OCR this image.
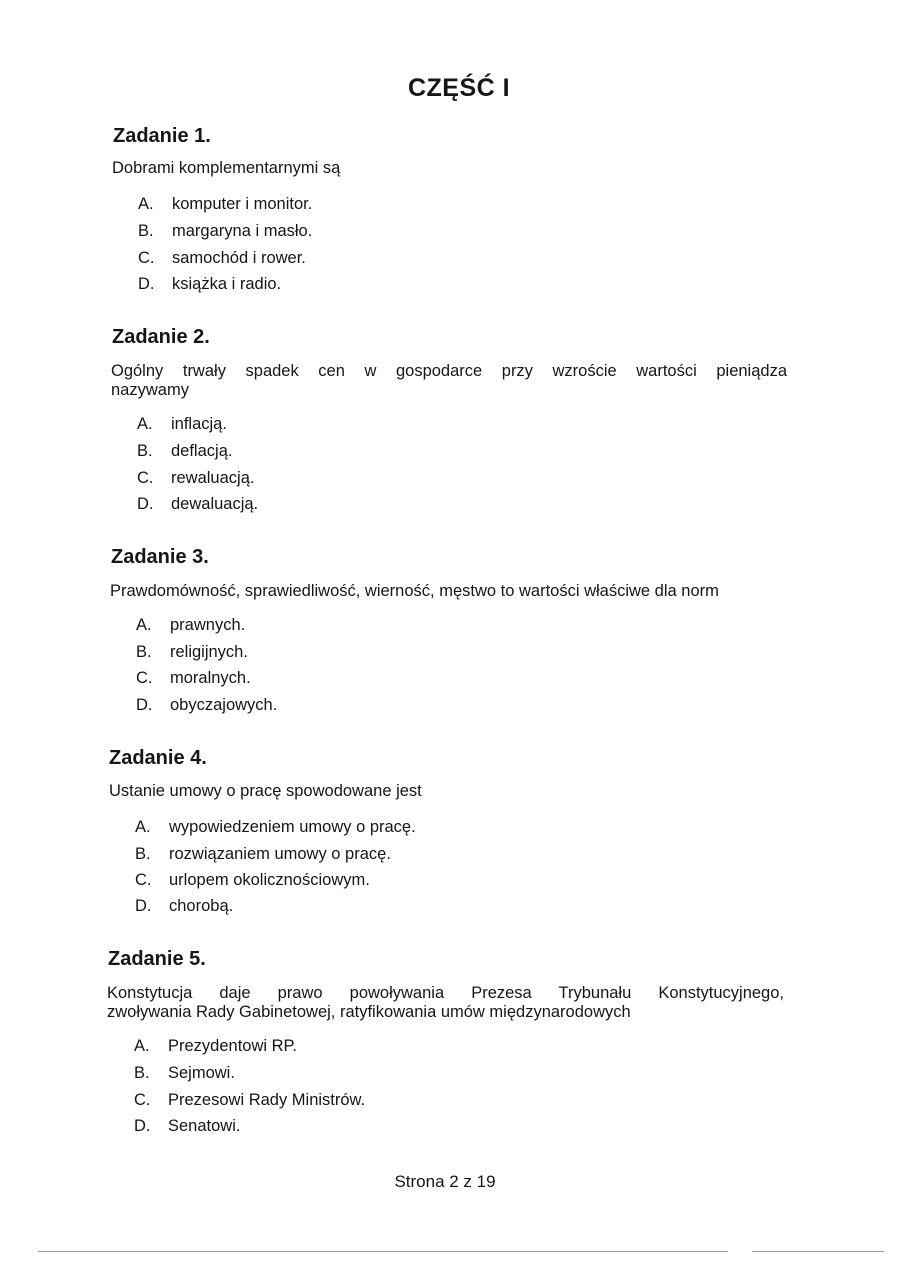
CZĘŚĆ I
Zadanie 1.
Dobrami komplementarnymi są
A. komputer i monitor.
B. margaryna i masło.
C. samochód i rower.
D. książka i radio.
Zadanie 2.
Ogólny trwały spadek cen w gospodarce przy wzroście wartości pieniądza
nazywamy
A. inflacją.
B. deflacją.
C. rewaluacją.
D. dewaluacją.
Zadanie 3.
Prawdomówność, sprawiedliwość, wierność, męstwo to wartości właściwe dla norm
A. prawnych.
B. religijnych.
C. moralnych.
D. obyczajowych.
Zadanie 4.
Ustanie umowy o pracę spowodowane jest
A. wypowiedzeniem umowy o pracę.
B. rozwiązaniem umowy o pracę.
C. urlopem okolicznościowym.
D. chorobą.
Zadanie 5.
Konstytucja daje prawo powoływania Prezesa Trybunału Konstytucyjnego,
zwoływania Rady Gabinetowej, ratyfikowania umów międzynarodowych
A. Prezydentowi RP.
B. Sejmowi.
C. Prezesowi Rady Ministrów.
D. Senatowi.
Strona 2 z 19
